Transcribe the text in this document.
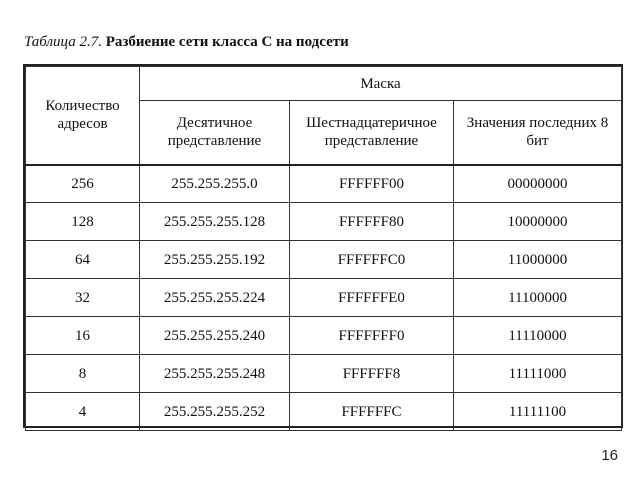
Таблица 2.7. Разбиение сети класса С на подсети
Количество адресов	Маска		
	Десятичное представление	Шестнадцатеричное представление	Значения последних 8 бит
256	255.255.255.0	FFFFFF00	00000000
128	255.255.255.128	FFFFFF80	10000000
64	255.255.255.192	FFFFFFC0	11000000
32	255.255.255.224	FFFFFFE0	11100000
16	255.255.255.240	FFFFFFF0	11110000
8	255.255.255.248	FFFFFF8	11111000
4	255.255.255.252	FFFFFFC	11111100
16
